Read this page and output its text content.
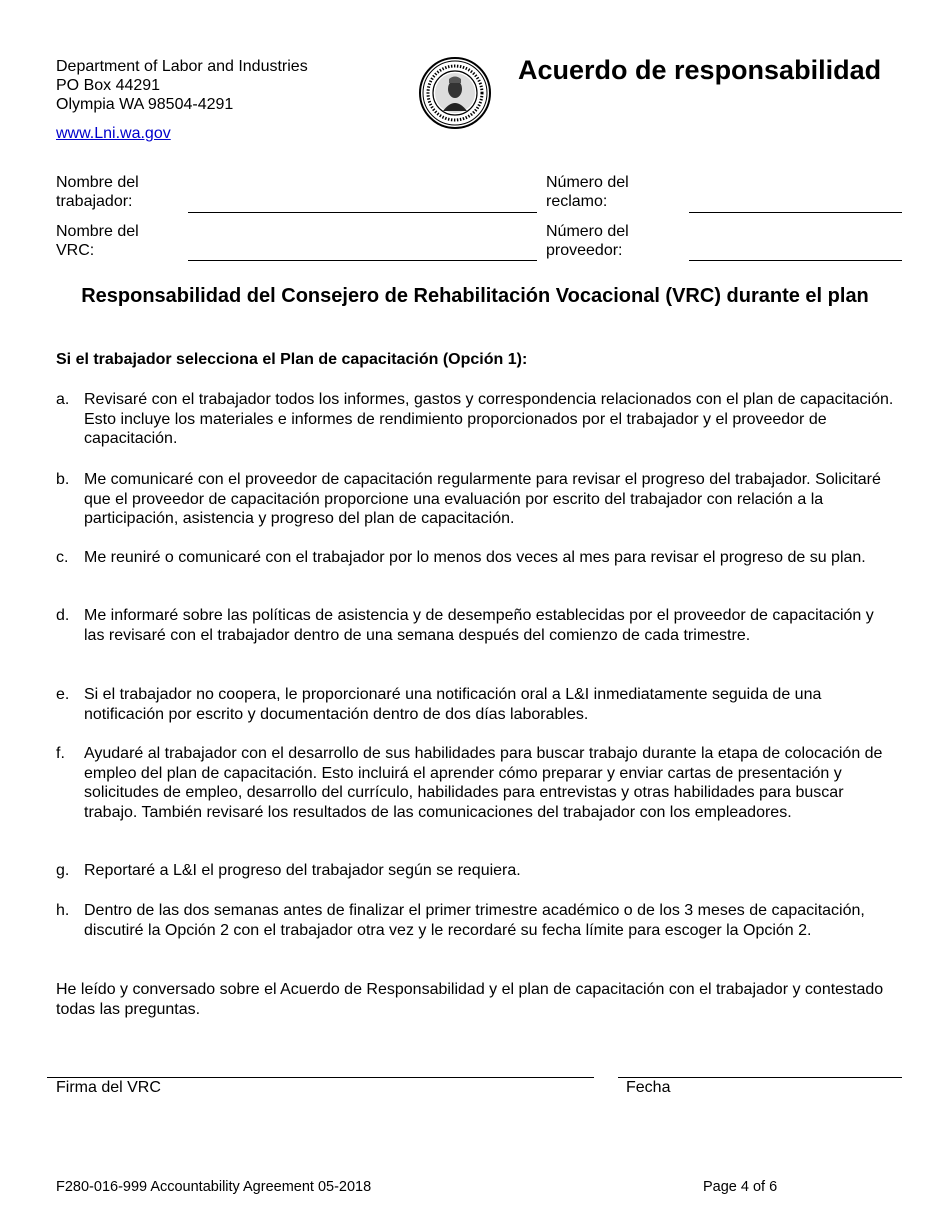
Department of Labor and Industries
PO Box 44291
Olympia WA 98504-4291
www.Lni.wa.gov
Acuerdo de responsabilidad
Nombre del
trabajador:
Número del
reclamo:
Nombre del
VRC:
Número del
proveedor:
Responsabilidad del Consejero de Rehabilitación Vocacional (VRC) durante el plan
Si el trabajador selecciona el Plan de capacitación (Opción 1):
a. Revisaré con el trabajador todos los informes, gastos y correspondencia relacionados con el plan de capacitación. Esto incluye los materiales e informes de rendimiento proporcionados por el trabajador y el proveedor de capacitación.
b. Me comunicaré con el proveedor de capacitación regularmente para revisar el progreso del trabajador. Solicitaré que el proveedor de capacitación proporcione una evaluación por escrito del trabajador con relación a la participación, asistencia y progreso del plan de capacitación.
c. Me reuniré o comunicaré con el trabajador por lo menos dos veces al mes para revisar el progreso de su plan.
d. Me informaré sobre las políticas de asistencia y de desempeño establecidas por el proveedor de capacitación y las revisaré con el trabajador dentro de una semana después del comienzo de cada trimestre.
e. Si el trabajador no coopera, le proporcionaré una notificación oral a L&I inmediatamente seguida de una notificación por escrito y documentación dentro de dos días laborables.
f. Ayudaré al trabajador con el desarrollo de sus habilidades para buscar trabajo durante la etapa de colocación de empleo del plan de capacitación. Esto incluirá el aprender cómo preparar y enviar cartas de presentación y solicitudes de empleo, desarrollo del currículo, habilidades para entrevistas y otras habilidades para buscar trabajo. También revisaré los resultados de las comunicaciones del trabajador con los empleadores.
g. Reportaré a L&I el progreso del trabajador según se requiera.
h. Dentro de las dos semanas antes de finalizar el primer trimestre académico o de los 3 meses de capacitación, discutiré la Opción 2 con el trabajador otra vez y le recordaré su fecha límite para escoger la Opción 2.
He leído y conversado sobre el Acuerdo de Responsabilidad y el plan de capacitación con el trabajador y contestado todas las preguntas.
Firma del VRC	Fecha
F280-016-999 Accountability Agreement 05-2018	Page 4 of 6
